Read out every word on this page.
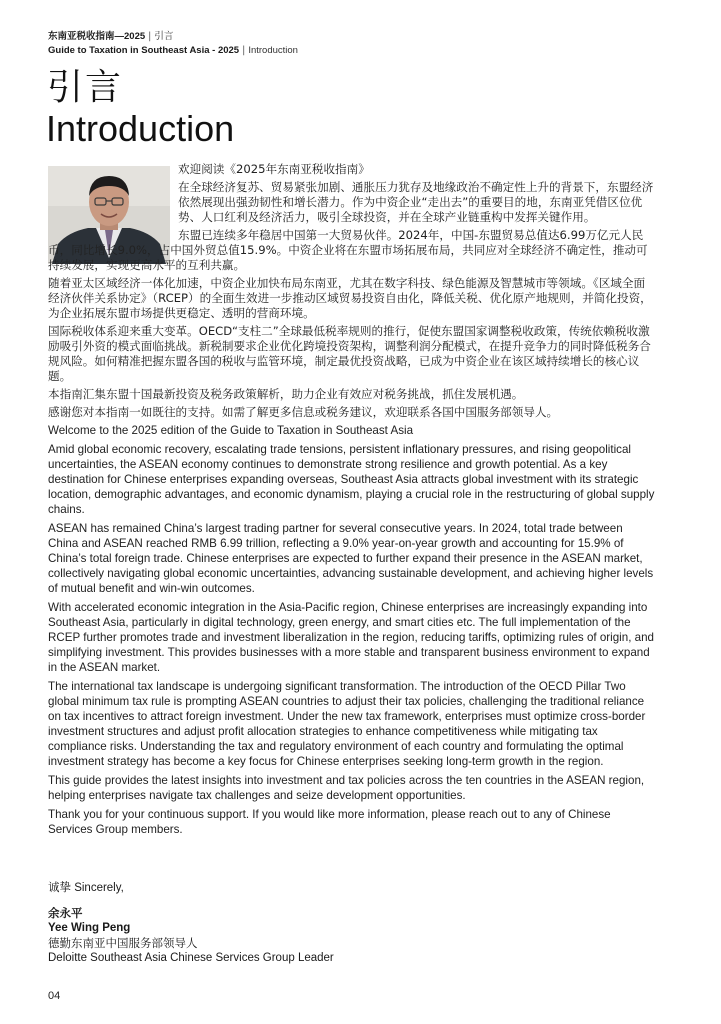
东南亚税收指南—2025 | 引言
Guide to Taxation in Southeast Asia - 2025 | Introduction
引言
Introduction

欢迎阅读《2025年东南亚税收指南》

在全球经济复苏、贸易紧张加剧、通胀压力犹存及地缘政治不确定性上升的背景下，东盟经济依然展现出强劲韧性和增长潜力。作为中资企业“走出去”的重要目的地，东南亚凭借区位优势、人口红利及经济活力，吸引全球投资，并在全球产业链重构中发挥关键作用。

东盟已连续多年稳居中国第一大贸易伙伴。2024年，中国-东盟贸易总值达6.99万亿元人民币，同比增长9.0%，占中国外贸总值15.9%。中资企业将在东盟市场拓展布局，共同应对全球经济不确定性，推动可持续发展，实现更高水平的互利共赢。

随着亚太区域经济一体化加速，中资企业加快布局东南亚，尤其在数字科技、绿色能源及智慧城市等领域。《区域全面经济伙伴关系协定》（RCEP）的全面生效进一步推动区域贸易投资自由化，降低关税、优化原产地规则，并简化投资，为企业拓展东盟市场提供更稳定、透明的营商环境。

国际税收体系迎来重大变革。OECD“支柱二”全球最低税率规则的推行，促使东盟国家调整税收政策，传统依赖税收激励吸引外资的模式面临挑战。新税制要求企业优化跨境投资架构，调整利润分配模式，在提升竞争力的同时降低税务合规风险。如何精准把握东盟各国的税收与监管环境，制定最优投资战略，已成为中资企业在该区域持续增长的核心议题。

本指南汇集东盟十国最新投资及税务政策解析，助力企业有效应对税务挑战，抓住发展机遇。

感谢您对本指南一如既往的支持。如需了解更多信息或税务建议，欢迎联系各国中国服务部领导人。

Welcome to the 2025 edition of the Guide to Taxation in Southeast Asia

Amid global economic recovery, escalating trade tensions, persistent inflationary pressures, and rising geopolitical uncertainties, the ASEAN economy continues to demonstrate strong resilience and growth potential. As a key destination for Chinese enterprises expanding overseas, Southeast Asia attracts global investment with its strategic location, demographic advantages, and economic dynamism, playing a crucial role in the restructuring of global supply chains.

ASEAN has remained China’s largest trading partner for several consecutive years. In 2024, total trade between China and ASEAN reached RMB 6.99 trillion, reflecting a 9.0% year-on-year growth and accounting for 15.9% of China’s total foreign trade. Chinese enterprises are expected to further expand their presence in the ASEAN market, collectively navigating global economic uncertainties, advancing sustainable development, and achieving higher levels of mutual benefit and win-win outcomes.

With accelerated economic integration in the Asia-Pacific region, Chinese enterprises are increasingly expanding into Southeast Asia, particularly in digital technology, green energy, and smart cities etc. The full implementation of the RCEP further promotes trade and investment liberalization in the region, reducing tariffs, optimizing rules of origin, and simplifying investment. This provides businesses with a more stable and transparent business environment to expand in the ASEAN market.

The international tax landscape is undergoing significant transformation. The introduction of the OECD Pillar Two global minimum tax rule is prompting ASEAN countries to adjust their tax policies, challenging the traditional reliance on tax incentives to attract foreign investment. Under the new tax framework, enterprises must optimize cross-border investment structures and adjust profit allocation strategies to enhance competitiveness while mitigating tax compliance risks. Understanding the tax and regulatory environment of each country and formulating the optimal investment strategy has become a key focus for Chinese enterprises seeking long-term growth in the region.

This guide provides the latest insights into investment and tax policies across the ten countries in the ASEAN region, helping enterprises navigate tax challenges and seize development opportunities.

Thank you for your continuous support. If you would like more information, please reach out to any of Chinese Services Group members.

诚挚 Sincerely,
余永平
Yee Wing Peng
德勤东南亚中国服务部领导人
Deloitte Southeast Asia Chinese Services Group Leader
04
